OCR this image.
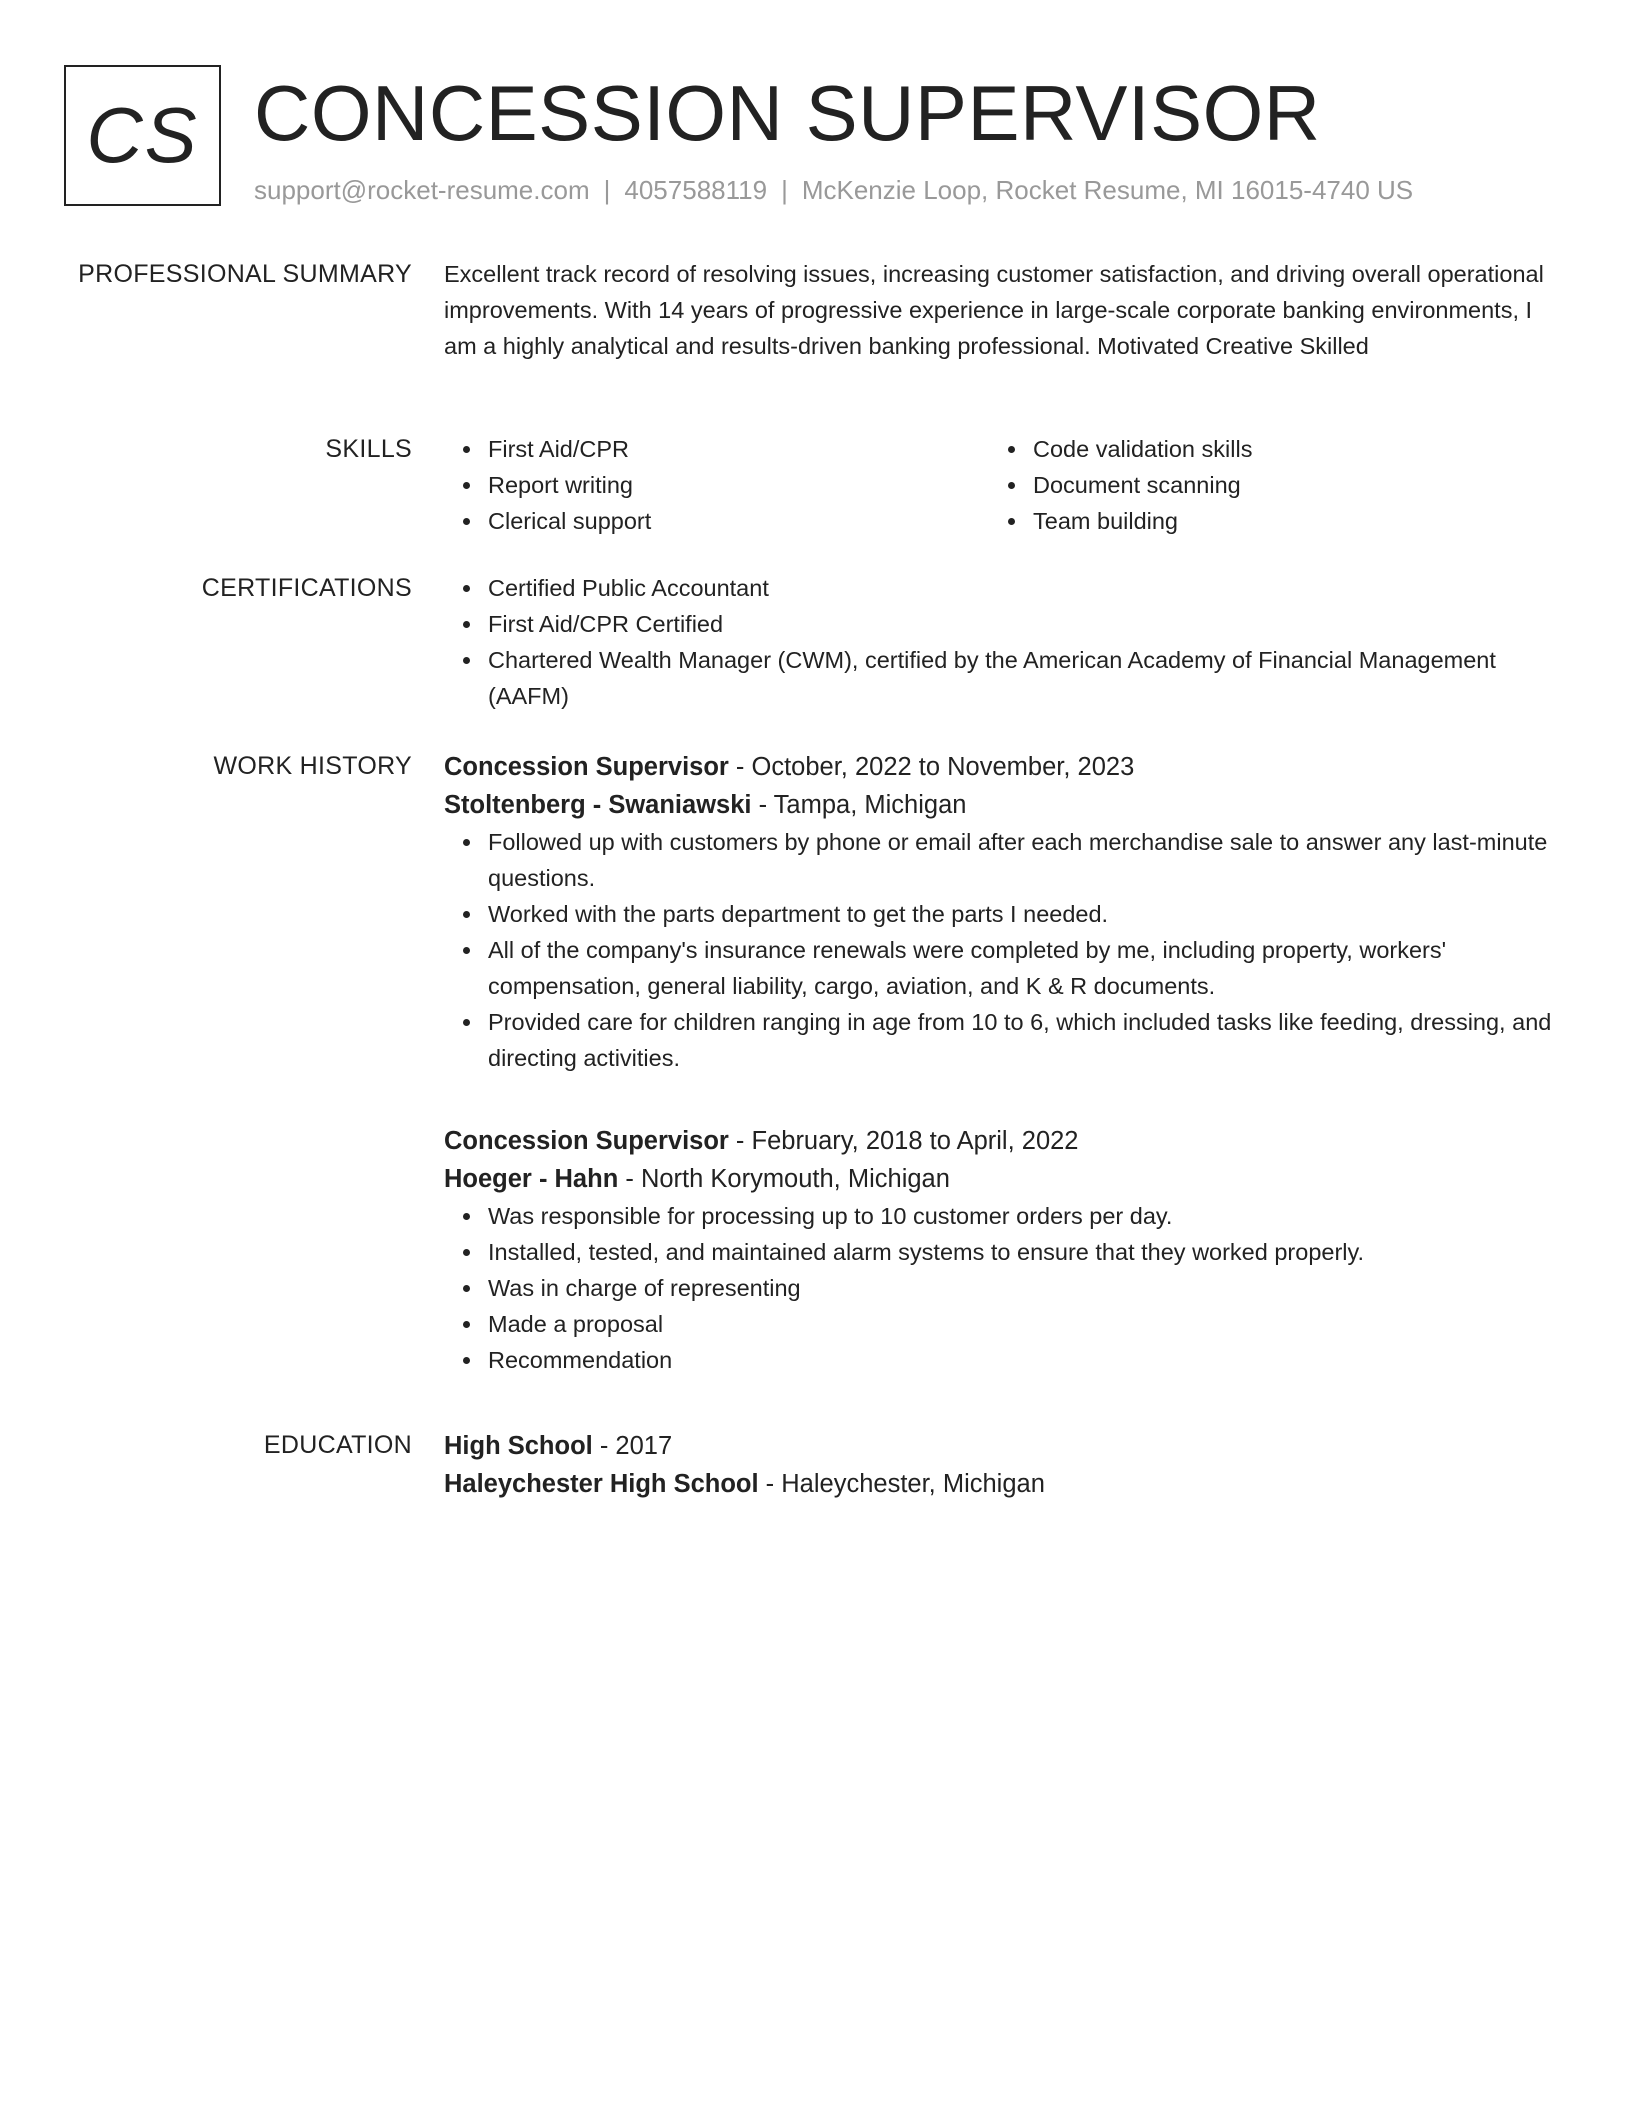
CS CONCESSION SUPERVISOR
support@rocket-resume.com | 4057588119 | McKenzie Loop, Rocket Resume, MI 16015-4740 US
PROFESSIONAL SUMMARY Excellent track record of resolving issues, increasing customer satisfaction, and driving overall operational improvements. With 14 years of progressive experience in large-scale corporate banking environments, I am a highly analytical and results-driven banking professional. Motivated Creative Skilled

SKILLS	First Aid/CPR
Report writing
Clerical support
Code validation skills
Document scanning
Team building
CERTIFICATIONS	Certified Public Accountant
First Aid/CPR Certified
Chartered Wealth Manager (CWM), certified by the American Academy of Financial Management (AAFM)
WORK HISTORY Concession Supervisor - October, 2022 to November, 2023
Stoltenberg - Swaniawski - Tampa, Michigan
Followed up with customers by phone or email after each merchandise sale to answer any last-minute questions.
Worked with the parts department to get the parts I needed.
All of the company's insurance renewals were completed by me, including property, workers' compensation, general liability, cargo, aviation, and K & R documents.
Provided care for children ranging in age from 10 to 6, which included tasks like feeding, dressing, and directing activities.
Concession Supervisor - February, 2018 to April, 2022
Hoeger - Hahn - North Korymouth, Michigan
Was responsible for processing up to 10 customer orders per day.
Installed, tested, and maintained alarm systems to ensure that they worked properly.
Was in charge of representing
Made a proposal
Recommendation
EDUCATION High School - 2017
Haleychester High School - Haleychester, Michigan
